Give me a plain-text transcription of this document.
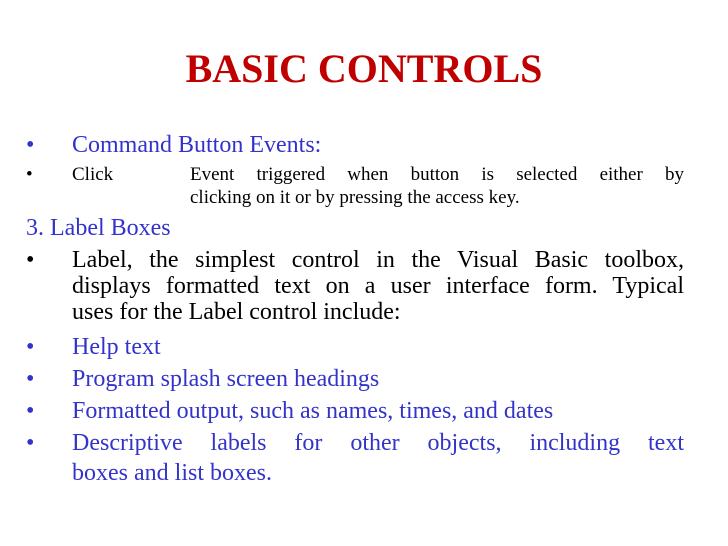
BASIC CONTROLS
• Command Button Events:
• Click	Event triggered when button is selected either by
clicking on it or by pressing the access key.
3. Label Boxes
• Label, the simplest control in the Visual Basic toolbox,
displays formatted text on a user interface form. Typical
uses for the Label control include:
• Help text
• Program splash screen headings
• Formatted output, such as names, times, and dates
• Descriptive labels for other objects, including text
boxes and list boxes.
